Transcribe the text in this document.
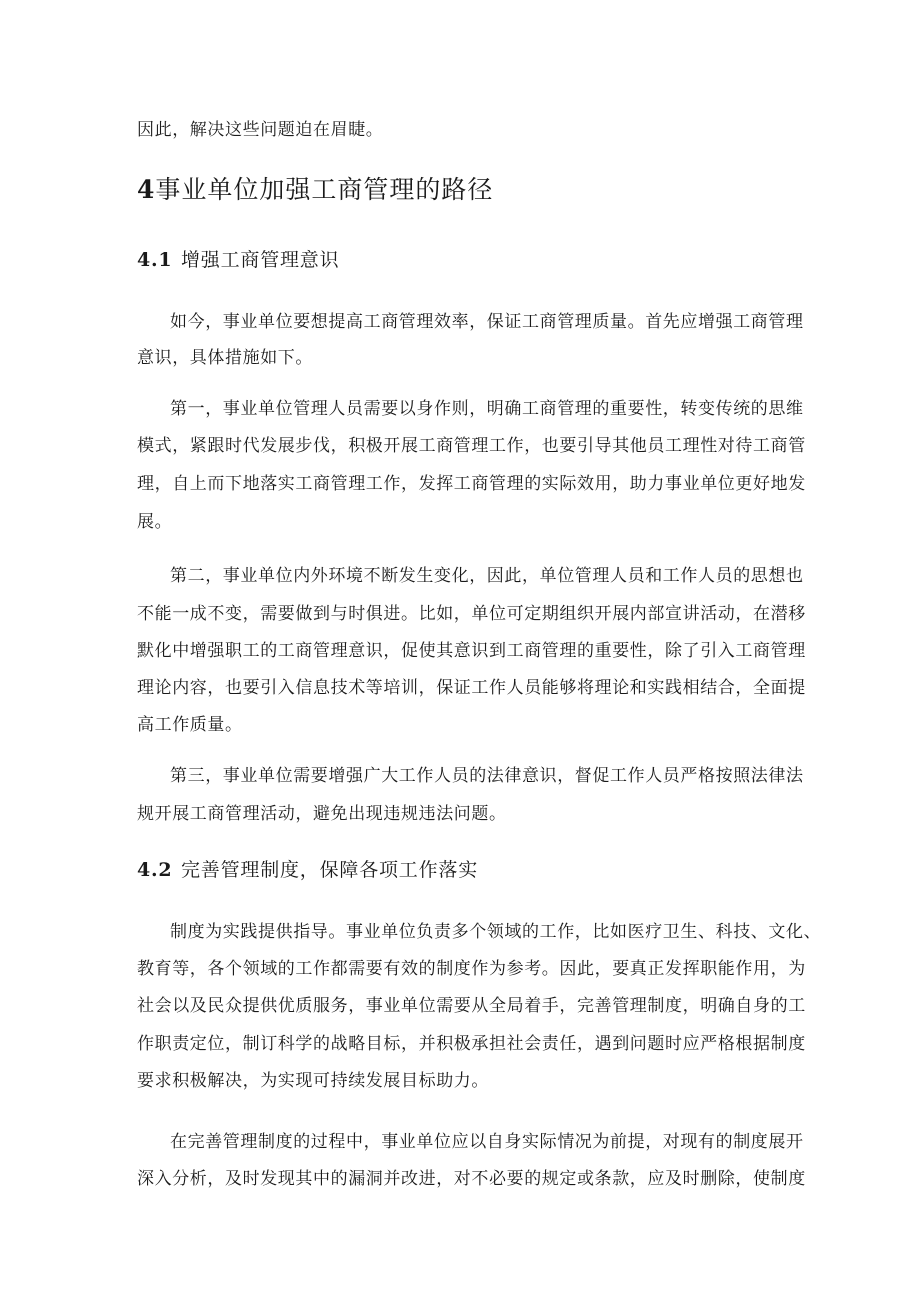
因此，解决这些问题迫在眉睫。
4事业单位加强工商管理的路径
4.1 增强工商管理意识
如今，事业单位要想提高工商管理效率，保证工商管理质量。首先应增强工商管理
意识，具体措施如下。
第一，事业单位管理人员需要以身作则，明确工商管理的重要性，转变传统的思维
模式，紧跟时代发展步伐，积极开展工商管理工作，也要引导其他员工理性对待工商管
理，自上而下地落实工商管理工作，发挥工商管理的实际效用，助力事业单位更好地发
展。
第二，事业单位内外环境不断发生变化，因此，单位管理人员和工作人员的思想也
不能一成不变，需要做到与时俱进。比如，单位可定期组织开展内部宣讲活动，在潜移
默化中增强职工的工商管理意识，促使其意识到工商管理的重要性，除了引入工商管理
理论内容，也要引入信息技术等培训，保证工作人员能够将理论和实践相结合，全面提
高工作质量。
第三，事业单位需要增强广大工作人员的法律意识，督促工作人员严格按照法律法
规开展工商管理活动，避免出现违规违法问题。
4.2 完善管理制度，保障各项工作落实
制度为实践提供指导。事业单位负责多个领域的工作，比如医疗卫生、科技、文化、
教育等，各个领域的工作都需要有效的制度作为参考。因此，要真正发挥职能作用，为
社会以及民众提供优质服务，事业单位需要从全局着手，完善管理制度，明确自身的工
作职责定位，制订科学的战略目标，并积极承担社会责任，遇到问题时应严格根据制度
要求积极解决，为实现可持续发展目标助力。
在完善管理制度的过程中，事业单位应以自身实际情况为前提，对现有的制度展开
深入分析，及时发现其中的漏洞并改进，对不必要的规定或条款，应及时删除，使制度
